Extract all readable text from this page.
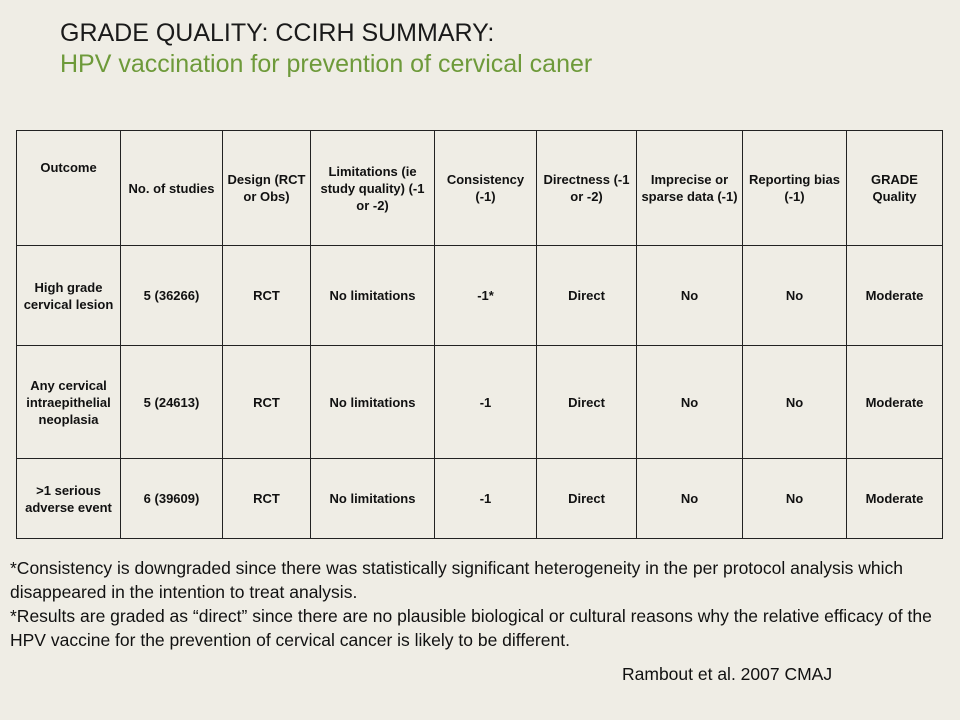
GRADE QUALITY: CCIRH SUMMARY:
HPV vaccination for prevention of cervical caner
Outcome	No. of studies	Design (RCT or Obs)	Limitations (ie study quality) (-1 or -2)	Consistency (-1)	Directness (-1 or -2)	Imprecise or sparse data (-1)	Reporting bias (-1)	GRADE Quality
High grade cervical lesion	5 (36266)	RCT	No limitations	-1*	Direct	No	No	Moderate
Any cervical intraepithelial neoplasia	5 (24613)	RCT	No limitations	-1	Direct	No	No	Moderate
>1 serious adverse event	6 (39609)	RCT	No limitations	-1	Direct	No	No	Moderate

*Consistency is downgraded since there was statistically significant heterogeneity in the per protocol analysis which disappeared in the intention to treat analysis.

*Results are graded as “direct” since there are no plausible biological or cultural reasons why the relative efficacy of the HPV vaccine for the prevention of cervical cancer is likely to be different.

Rambout et al. 2007 CMAJ
